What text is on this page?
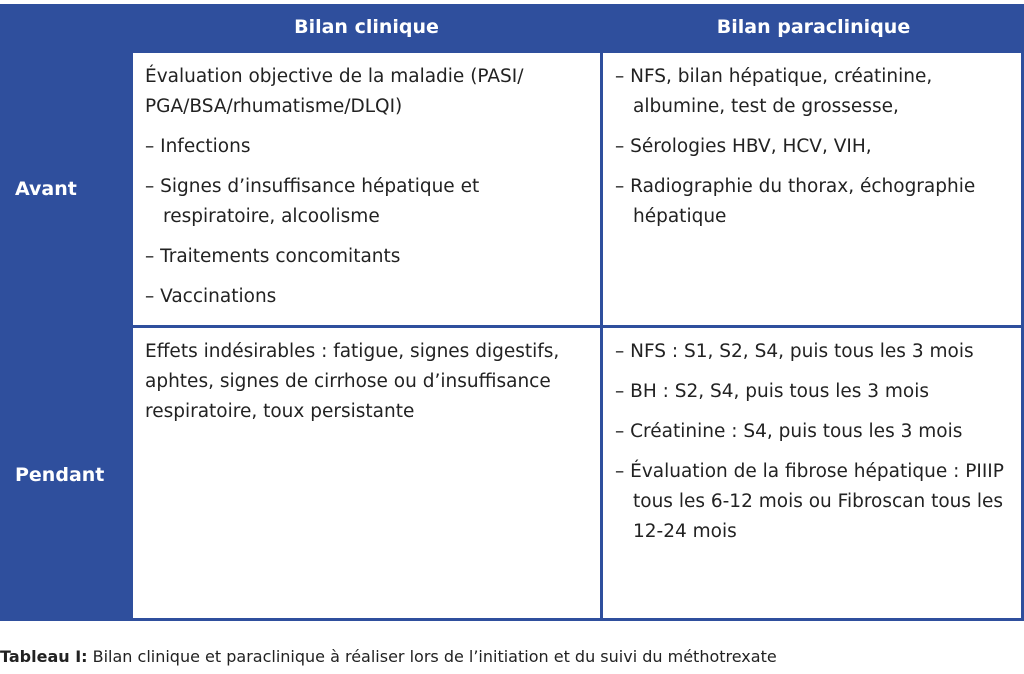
Bilan clinique	Bilan paraclinique
Avant
Pendant

Évaluation objective de la maladie (PASI/ PGA/BSA/rhumatisme/DLQI)

– Infections

– Signes d’insuffisance hépatique et respiratoire, alcoolisme

– Traitements concomitants

– Vaccinations

– NFS, bilan hépatique, créatinine, albumine, test de grossesse,

– Sérologies HBV, HCV, VIH,

– Radiographie du thorax, échographie hépatique

Effets indésirables : fatigue, signes digestifs, aphtes, signes de cirrhose ou d’insuffisance respiratoire, toux persistante

– NFS : S1, S2, S4, puis tous les 3 mois

– BH : S2, S4, puis tous les 3 mois

– Créatinine : S4, puis tous les 3 mois

– Évaluation de la fibrose hépatique : PIIIP tous les 6-12 mois ou Fibroscan tous les 12-24 mois

Tableau I: Bilan clinique et paraclinique à réaliser lors de l’initiation et du suivi du méthotrexate
